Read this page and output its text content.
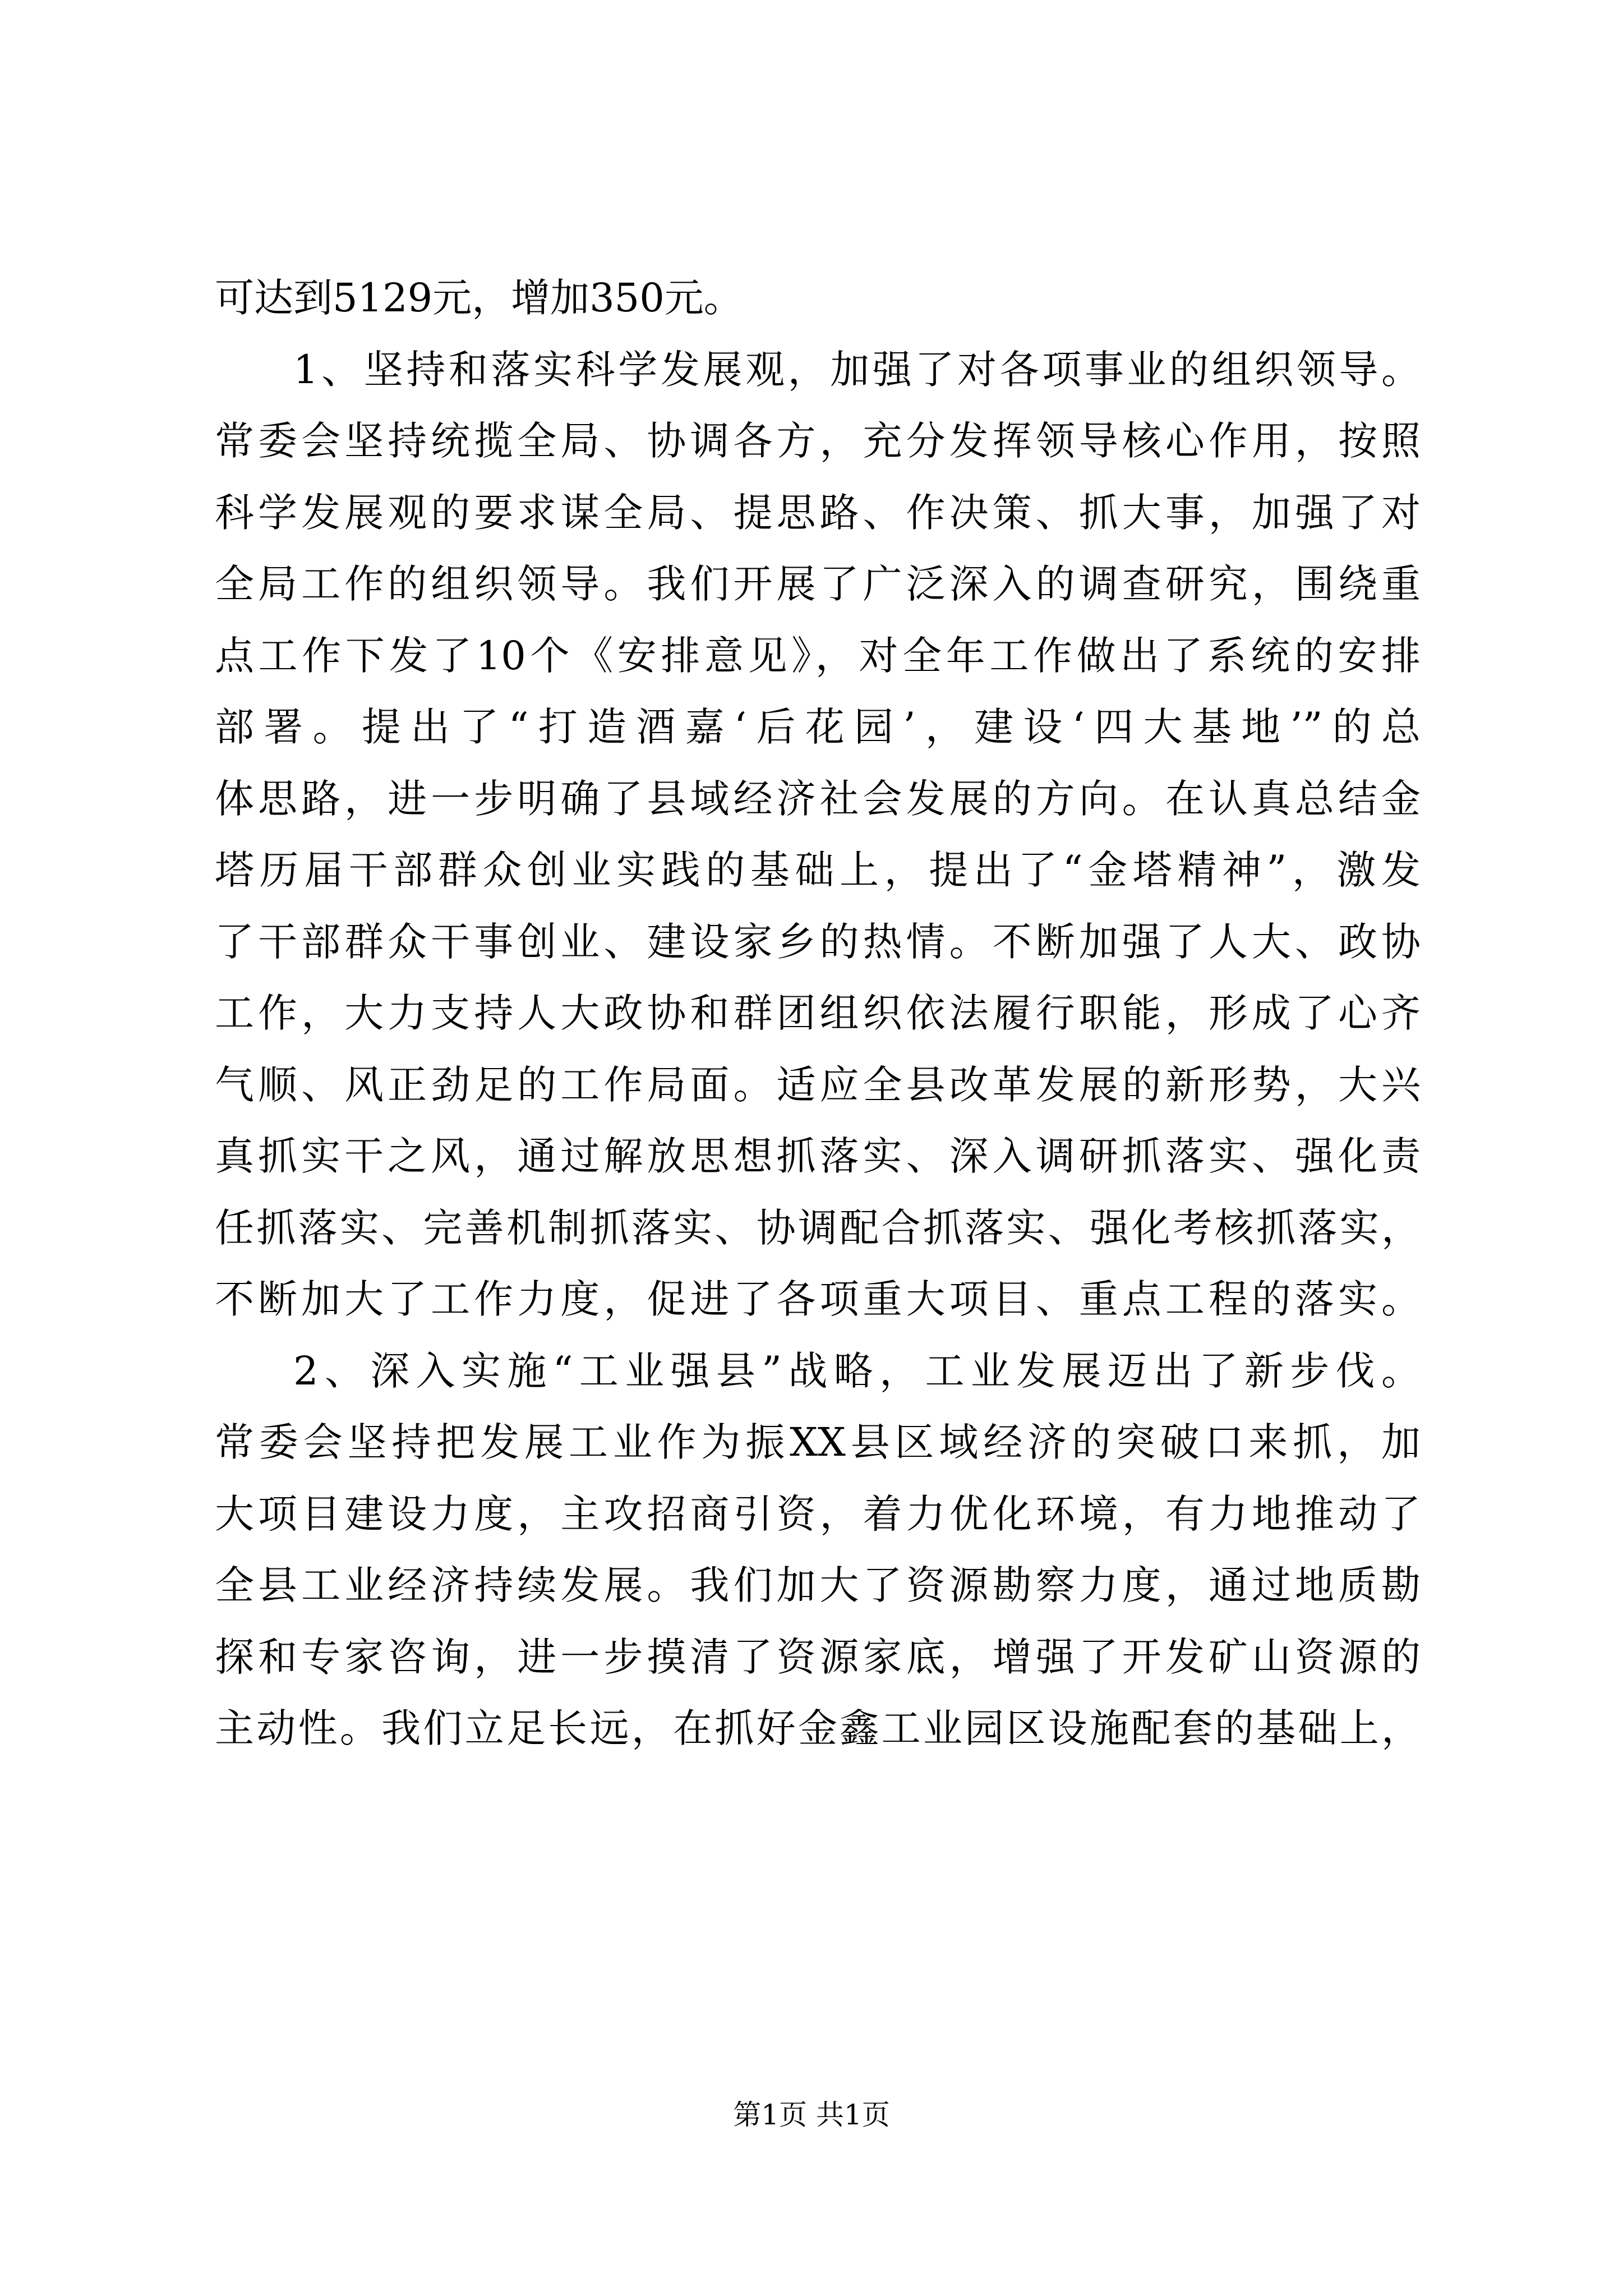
可达到5129元，增加350元。
1、坚持和落实科学发展观，加强了对各项事业的组织领导。
常委会坚持统揽全局、协调各方，充分发挥领导核心作用，按照
科学发展观的要求谋全局、提思路、作决策、抓大事，加强了对
全局工作的组织领导。我们开展了广泛深入的调查研究，围绕重
点工作下发了10个《安排意见》，对全年工作做出了系统的安排
部署。提出了“打造酒嘉‘后花园’，建设‘四大基地’”的总
体思路，进一步明确了县域经济社会发展的方向。在认真总结金
塔历届干部群众创业实践的基础上，提出了“金塔精神”，激发
了干部群众干事创业、建设家乡的热情。不断加强了人大、政协
工作，大力支持人大政协和群团组织依法履行职能，形成了心齐
气顺、风正劲足的工作局面。适应全县改革发展的新形势，大兴
真抓实干之风，通过解放思想抓落实、深入调研抓落实、强化责
任抓落实、完善机制抓落实、协调配合抓落实、强化考核抓落实，
不断加大了工作力度，促进了各项重大项目、重点工程的落实。
2、深入实施“工业强县”战略，工业发展迈出了新步伐。
常委会坚持把发展工业作为振XX县区域经济的突破口来抓，加
大项目建设力度，主攻招商引资，着力优化环境，有力地推动了
全县工业经济持续发展。我们加大了资源勘察力度，通过地质勘
探和专家咨询，进一步摸清了资源家底，增强了开发矿山资源的
主动性。我们立足长远，在抓好金鑫工业园区设施配套的基础上，
第1页 共1页
